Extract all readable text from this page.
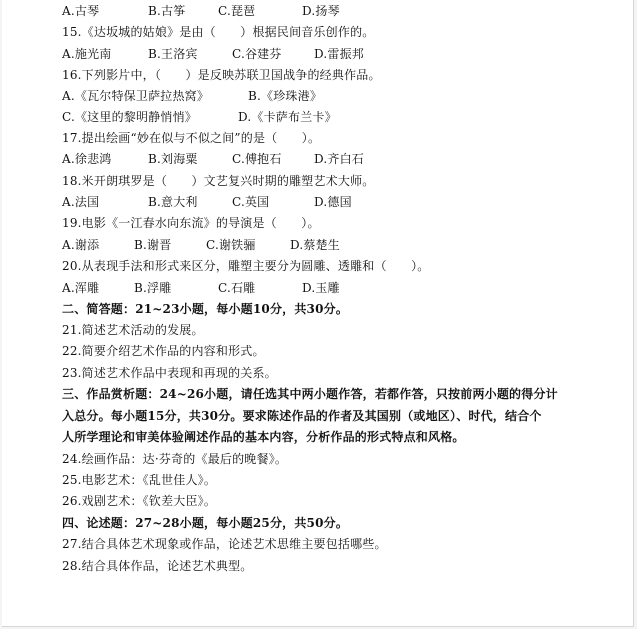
A.古琴	B.古筝	C.琵琶	D.扬琴
15.《达坂城的姑娘》是由（　　）根据民间音乐创作的。
A.施光南	B.王洛宾	C.谷建芬	D.雷振邦
16.下列影片中，（　　）是反映苏联卫国战争的经典作品。
A.《瓦尔特保卫萨拉热窝》	B.《珍珠港》
C.《这里的黎明静悄悄》	D.《卡萨布兰卡》
17.提出绘画“妙在似与不似之间”的是（　　）。
A.徐悲鸿	B.刘海粟	C.傅抱石	D.齐白石
18.米开朗琪罗是（　　）文艺复兴时期的雕塑艺术大师。
A.法国	B.意大利	C.英国	D.德国
19.电影《一江春水向东流》的导演是（　　）。
A.谢添	B.谢晋	C.谢铁骊	D.蔡楚生
20.从表现手法和形式来区分，雕塑主要分为圆雕、透雕和（　　）。
A.浑雕	B.浮雕	C.石雕	D.玉雕
二、简答题：21~23小题，每小题10分，共30分。
21.简述艺术活动的发展。
22.简要介绍艺术作品的内容和形式。
23.简述艺术作品中表现和再现的关系。
三、作品赏析题：24~26小题，请任选其中两小题作答，若都作答，只按前两小题的得分计
入总分。每小题15分，共30分。要求陈述作品的作者及其国别（或地区）、时代，结合个
人所学理论和审美体验阐述作品的基本内容，分析作品的形式特点和风格。
24.绘画作品：达·芬奇的《最后的晚餐》。
25.电影艺术：《乱世佳人》。
26.戏剧艺术：《钦差大臣》。
四、论述题：27~28小题，每小题25分，共50分。
27.结合具体艺术现象或作品，论述艺术思维主要包括哪些。
28.结合具体作品，论述艺术典型。
